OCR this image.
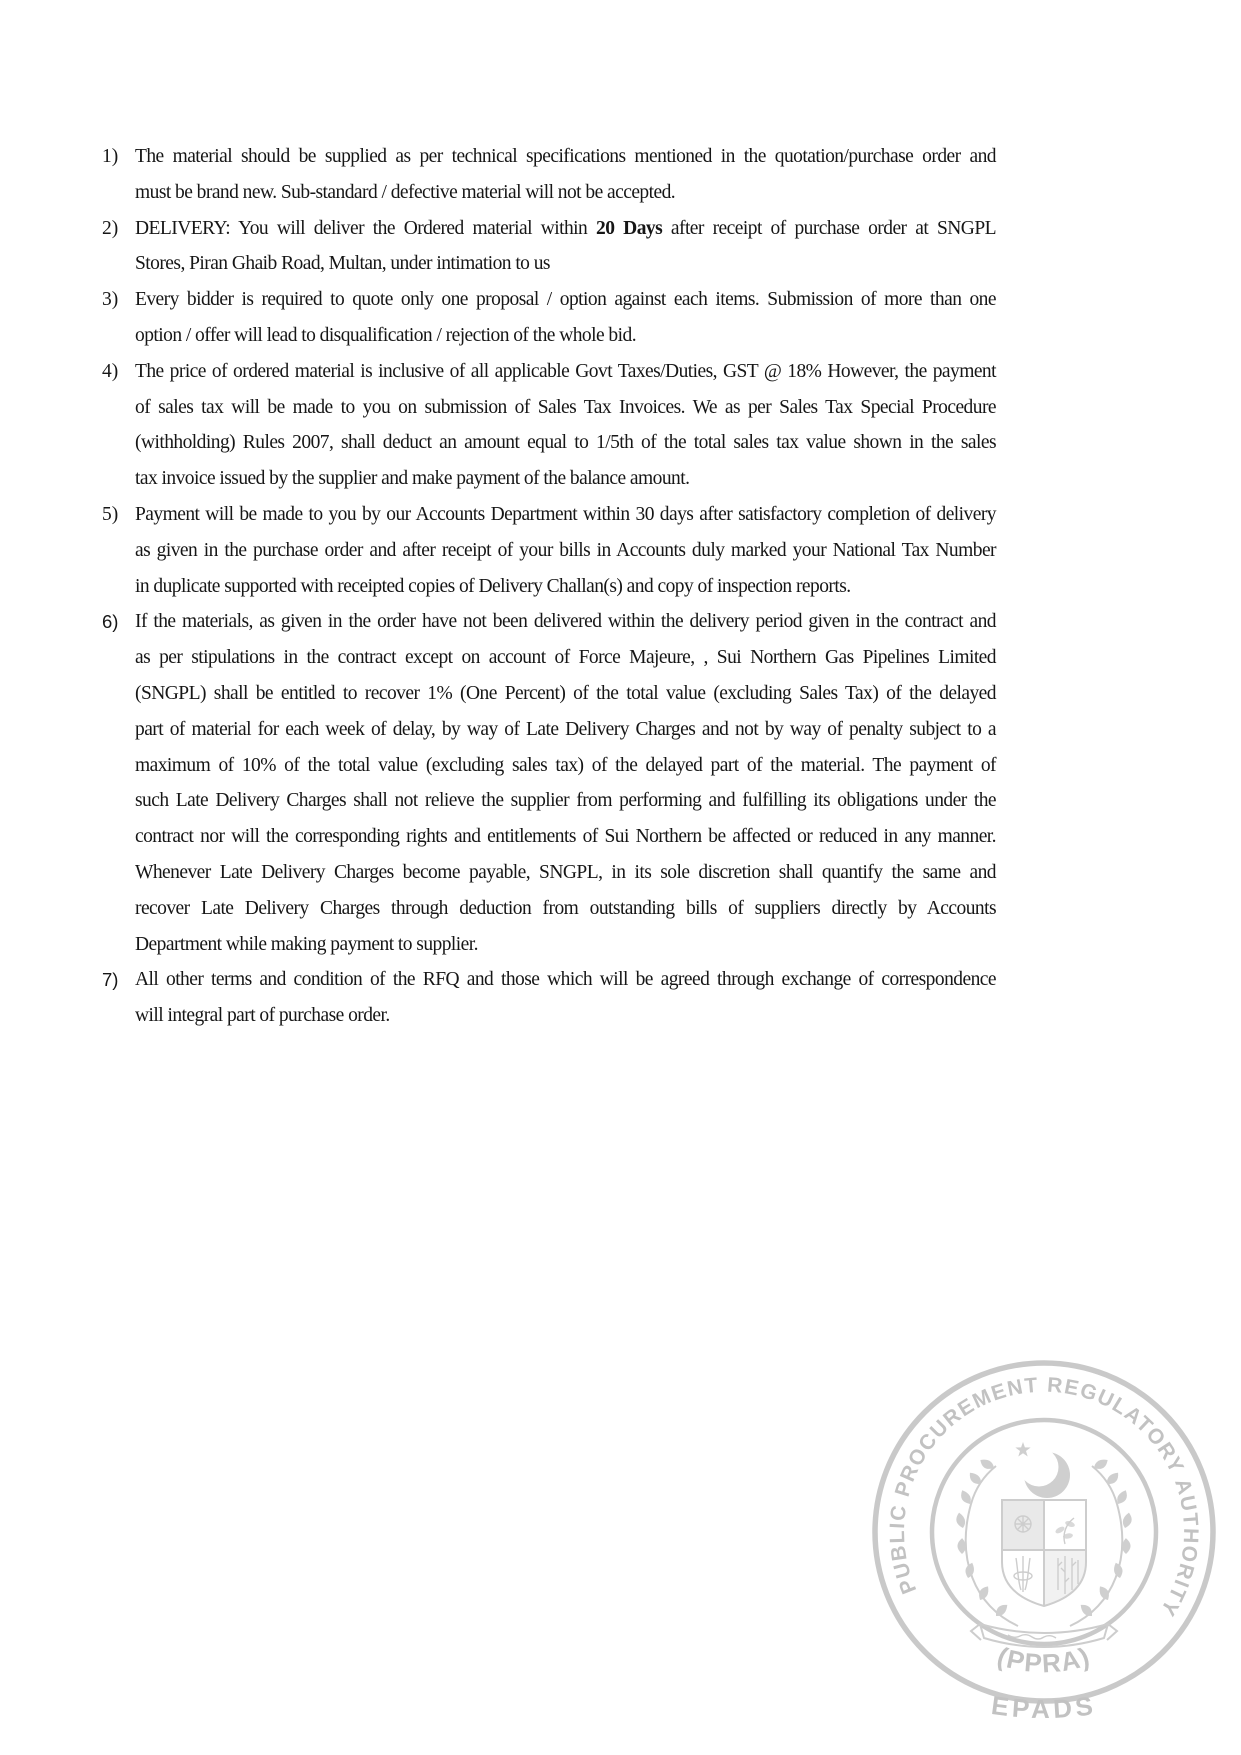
1) The material should be supplied as per technical specifications mentioned in the quotation/purchase order and
must be brand new. Sub-standard / defective material will not be accepted.
2) DELIVERY: You will deliver the Ordered material within 20 Days after receipt of purchase order at SNGPL
Stores, Piran Ghaib Road, Multan, under intimation to us
3) Every bidder is required to quote only one proposal / option against each items. Submission of more than one
option / offer will lead to disqualification / rejection of the whole bid.
4) The price of ordered material is inclusive of all applicable Govt Taxes/Duties, GST @ 18% However, the payment
of sales tax will be made to you on submission of Sales Tax Invoices. We as per Sales Tax Special Procedure
(withholding) Rules 2007, shall deduct an amount equal to 1/5th of the total sales tax value shown in the sales
tax invoice issued by the supplier and make payment of the balance amount.
5) Payment will be made to you by our Accounts Department within 30 days after satisfactory completion of delivery
as given in the purchase order and after receipt of your bills in Accounts duly marked your National Tax Number
in duplicate supported with receipted copies of Delivery Challan(s) and copy of inspection reports.
6) If the materials, as given in the order have not been delivered within the delivery period given in the contract and
as per stipulations in the contract except on account of Force Majeure, , Sui Northern Gas Pipelines Limited
(SNGPL) shall be entitled to recover 1% (One Percent) of the total value (excluding Sales Tax) of the delayed
part of material for each week of delay, by way of Late Delivery Charges and not by way of penalty subject to a
maximum of 10% of the total value (excluding sales tax) of the delayed part of the material. The payment of
such Late Delivery Charges shall not relieve the supplier from performing and fulfilling its obligations under the
contract nor will the corresponding rights and entitlements of Sui Northern be affected or reduced in any manner.
Whenever Late Delivery Charges become payable, SNGPL, in its sole discretion shall quantify the same and
recover Late Delivery Charges through deduction from outstanding bills of suppliers directly by Accounts
Department while making payment to supplier.
7) All other terms and condition of the RFQ and those which will be agreed through exchange of correspondence
will integral part of purchase order.
PUBLIC PROCUREMENT REGULATORY AUTHORITY
(PPRA)
EPADS
